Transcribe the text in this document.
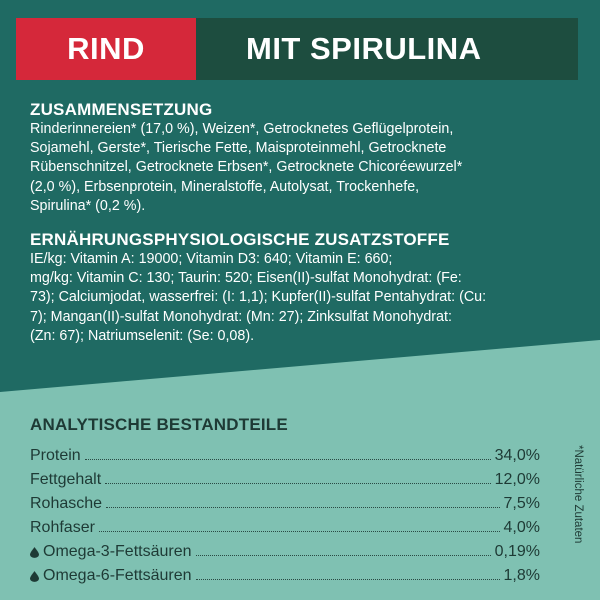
RIND	MIT SPIRULINA
ZUSAMMENSETZUNG
Rinderinnereien* (17,0 %), Weizen*, Getrocknetes Geflügelprotein,
Sojamehl, Gerste*, Tierische Fette, Maisproteinmehl, Getrocknete
Rübenschnitzel, Getrocknete Erbsen*, Getrocknete Chicoréewurzel*
(2,0 %), Erbsenprotein, Mineralstoffe, Autolysat, Trockenhefe,
Spirulina* (0,2 %).
ERNÄHRUNGSPHYSIOLOGISCHE ZUSATZSTOFFE
IE/kg: Vitamin A: 19000; Vitamin D3: 640; Vitamin E: 660;
mg/kg: Vitamin C: 130; Taurin: 520; Eisen(II)-sulfat Monohydrat: (Fe:
73); Calciumjodat, wasserfrei: (I: 1,1); Kupfer(II)-sulfat Pentahydrat: (Cu:
7); Mangan(II)-sulfat Monohydrat: (Mn: 27); Zinksulfat Monohydrat:
(Zn: 67); Natriumselenit: (Se: 0,08).
ANALYTISCHE BESTANDTEILE
Protein	34,0%
Fettgehalt	12,0%
Rohasche	7,5%
Rohfaser	4,0%
Omega-3-Fettsäuren	0,19%
Omega-6-Fettsäuren	1,8%
*Natürliche Zutaten
